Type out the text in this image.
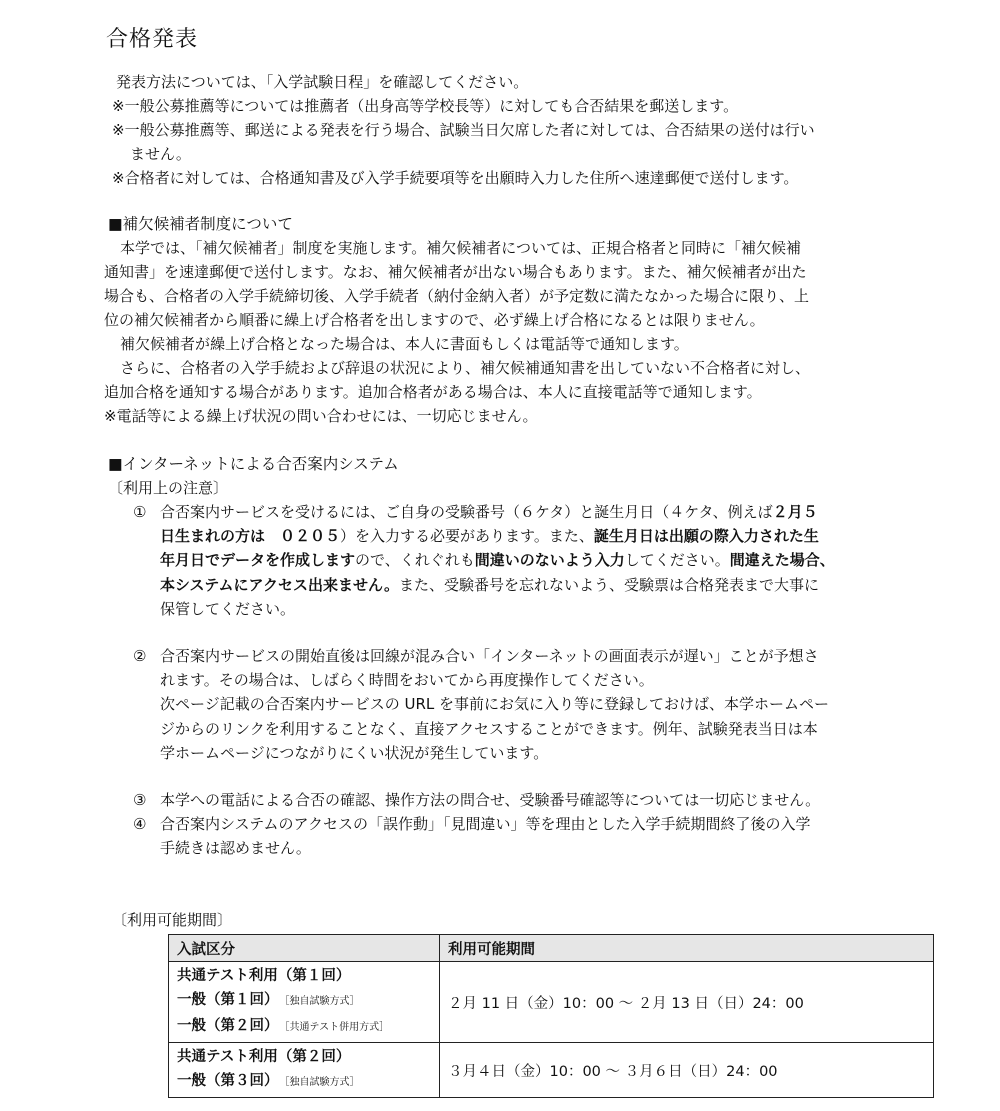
合格発表
発表方法については、「入学試験日程」を確認してください。
※一般公募推薦等については推薦者（出身高等学校長等）に対しても合否結果を郵送します。
※一般公募推薦等、郵送による発表を行う場合、試験当日欠席した者に対しては、合否結果の送付は行い
ません。
※合格者に対しては、合格通知書及び入学手続要項等を出願時入力した住所へ速達郵便で送付します。
■補欠候補者制度について
本学では、「補欠候補者」制度を実施します。補欠候補者については、正規合格者と同時に「補欠候補
通知書」を速達郵便で送付します。なお、補欠候補者が出ない場合もあります。また、補欠候補者が出た
場合も、合格者の入学手続締切後、入学手続者（納付金納入者）が予定数に満たなかった場合に限り、上
位の補欠候補者から順番に繰上げ合格者を出しますので、必ず繰上げ合格になるとは限りません。
補欠候補者が繰上げ合格となった場合は、本人に書面もしくは電話等で通知します。
さらに、合格者の入学手続および辞退の状況により、補欠候補通知書を出していない不合格者に対し、
追加合格を通知する場合があります。追加合格者がある場合は、本人に直接電話等で通知します。
※電話等による繰上げ状況の問い合わせには、一切応じません。
■インターネットによる合否案内システム
〔利用上の注意〕
① 合否案内サービスを受けるには、ご自身の受験番号（６ケタ）と誕生月日（４ケタ、例えば２月５
日生まれの方は　０２０５）を入力する必要があります。また、誕生月日は出願の際入力された生
年月日でデータを作成しますので、くれぐれも間違いのないよう入力してください。間違えた場合、
本システムにアクセス出来ません。また、受験番号を忘れないよう、受験票は合格発表まで大事に
保管してください。
② 合否案内サービスの開始直後は回線が混み合い「インターネットの画面表示が遅い」ことが予想さ
れます。その場合は、しばらく時間をおいてから再度操作してください。
次ページ記載の合否案内サービスの URL を事前にお気に入り等に登録しておけば、本学ホームペー
ジからのリンクを利用することなく、直接アクセスすることができます。例年、試験発表当日は本
学ホームページにつながりにくい状況が発生しています。
③ 本学への電話による合否の確認、操作方法の問合せ、受験番号確認等については一切応じません。
④ 合否案内システムのアクセスの「誤作動」「見間違い」等を理由とした入学手続期間終了後の入学
手続きは認めません。
〔利用可能期間〕
入試区分	利用可能期間

共通テスト利用（第１回）
一般（第１回） ［独自試験方式］
一般（第２回） ［共通テスト併用方式］	２月 11 日（金）10：00 〜 ２月 13 日（日）24：00

共通テスト利用（第２回）
一般（第３回） ［独自試験方式］	３月４日（金）10：00 〜 ３月６日（日）24：00
